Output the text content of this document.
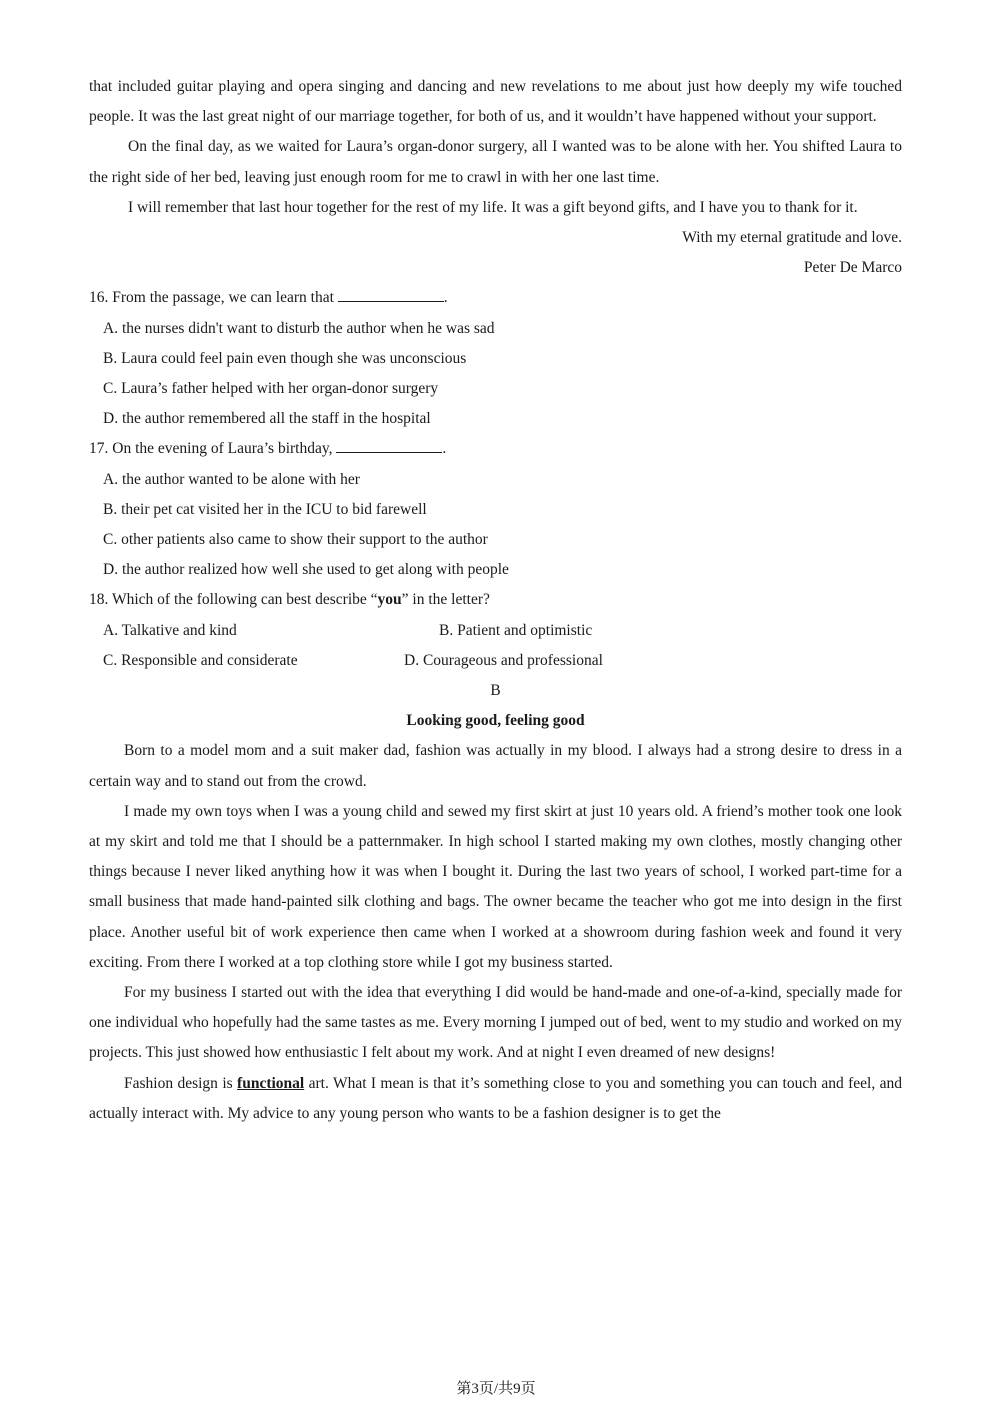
that included guitar playing and opera singing and dancing and new revelations to me about just how deeply my wife touched people. It was the last great night of our marriage together, for both of us, and it wouldn’t have happened without your support.

On the final day, as we waited for Laura’s organ-donor surgery, all I wanted was to be alone with her. You shifted Laura to the right side of her bed, leaving just enough room for me to crawl in with her one last time.

I will remember that last hour together for the rest of my life. It was a gift beyond gifts, and I have you to thank for it.

With my eternal gratitude and love.

Peter De Marco

16. From the passage, we can learn that	.

A. the nurses didn't want to disturb the author when he was sad

B. Laura could feel pain even though she was unconscious

C. Laura’s father helped with her organ-donor surgery

D. the author remembered all the staff in the hospital

17. On the evening of Laura’s birthday,	.

A. the author wanted to be alone with her

B. their pet cat visited her in the ICU to bid farewell

C. other patients also came to show their support to the author

D. the author realized how well she used to get along with people

18. Which of the following can best describe “you” in the letter?

A. Talkative and kind	B. Patient and optimistic
C. Responsible and considerate	D. Courageous and professional

B

Looking good, feeling good

Born to a model mom and a suit maker dad, fashion was actually in my blood. I always had a strong desire to dress in a certain way and to stand out from the crowd.

I made my own toys when I was a young child and sewed my first skirt at just 10 years old. A friend’s mother took one look at my skirt and told me that I should be a patternmaker. In high school I started making my own clothes, mostly changing other things because I never liked anything how it was when I bought it. During the last two years of school, I worked part-time for a small business that made hand-painted silk clothing and bags. The owner became the teacher who got me into design in the first place. Another useful bit of work experience then came when I worked at a showroom during fashion week and found it very exciting. From there I worked at a top clothing store while I got my business started.

For my business I started out with the idea that everything I did would be hand-made and one-of-a-kind, specially made for one individual who hopefully had the same tastes as me. Every morning I jumped out of bed, went to my studio and worked on my projects. This just showed how enthusiastic I felt about my work. And at night I even dreamed of new designs!

Fashion design is functional art. What I mean is that it’s something close to you and something you can touch and feel, and actually interact with. My advice to any young person who wants to be a fashion designer is to get the

第3页/共9页
